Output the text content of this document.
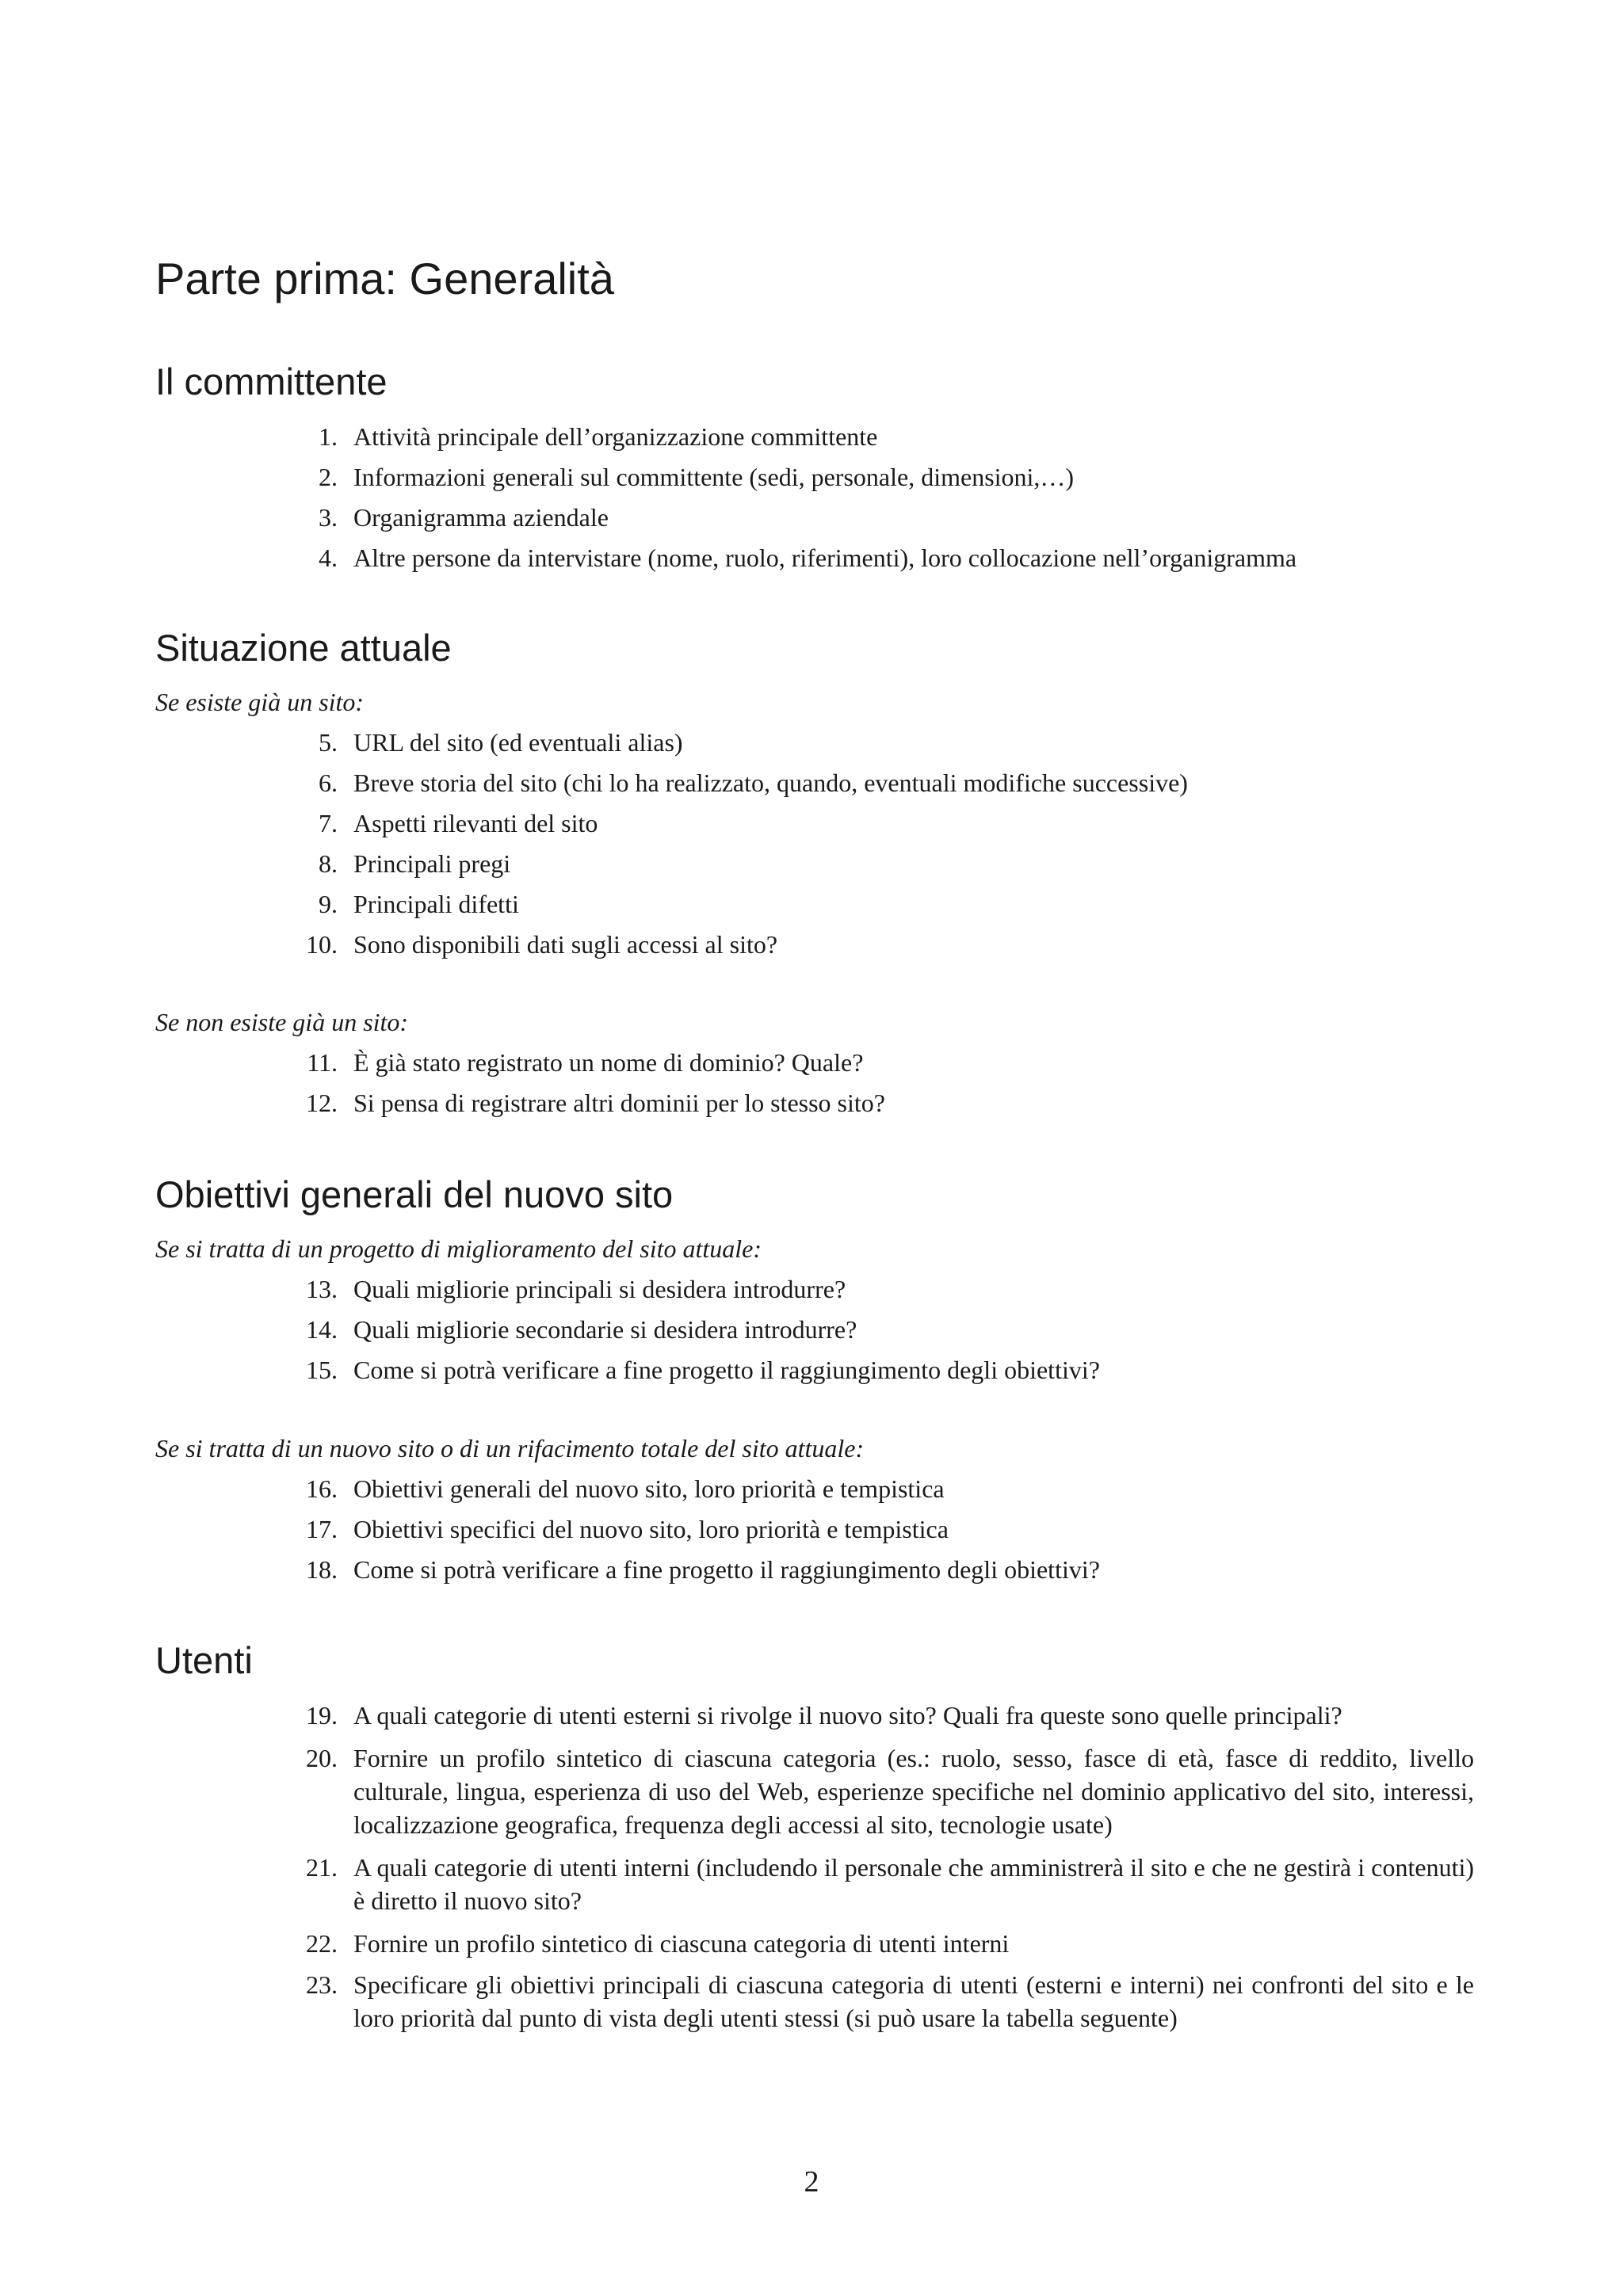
Parte prima: Generalità
Il committente
1. Attività principale dell’organizzazione committente
2. Informazioni generali sul committente (sedi, personale, dimensioni,…)
3. Organigramma aziendale
4. Altre persone da intervistare (nome, ruolo, riferimenti), loro collocazione nell’organigramma
Situazione attuale

Se esiste già un sito:

5. URL del sito (ed eventuali alias)
6. Breve storia del sito (chi lo ha realizzato, quando, eventuali modifiche successive)
7. Aspetti rilevanti del sito
8. Principali pregi
9. Principali difetti
10. Sono disponibili dati sugli accessi al sito?

Se non esiste già un sito:

11. È già stato registrato un nome di dominio? Quale?
12. Si pensa di registrare altri dominii per lo stesso sito?
Obiettivi generali del nuovo sito

Se si tratta di un progetto di miglioramento del sito attuale:

13. Quali migliorie principali si desidera introdurre?
14. Quali migliorie secondarie si desidera introdurre?
15. Come si potrà verificare a fine progetto il raggiungimento degli obiettivi?

Se si tratta di un nuovo sito o di un rifacimento totale del sito attuale:

16. Obiettivi generali del nuovo sito, loro priorità e tempistica
17. Obiettivi specifici del nuovo sito, loro priorità e tempistica
18. Come si potrà verificare a fine progetto il raggiungimento degli obiettivi?
Utenti
19. A quali categorie di utenti esterni si rivolge il nuovo sito? Quali fra queste sono quelle principali?
20. Fornire un profilo sintetico di ciascuna categoria (es.: ruolo, sesso, fasce di età, fasce di reddito, livello culturale, lingua, esperienza di uso del Web, esperienze specifiche nel dominio applicativo del sito, interessi, localizzazione geografica, frequenza degli accessi al sito, tecnologie usate)
21. A quali categorie di utenti interni (includendo il personale che amministrerà il sito e che ne gestirà i contenuti) è diretto il nuovo sito?
22. Fornire un profilo sintetico di ciascuna categoria di utenti interni
23. Specificare gli obiettivi principali di ciascuna categoria di utenti (esterni e interni) nei confronti del sito e le loro priorità dal punto di vista degli utenti stessi (si può usare la tabella seguente)
2
